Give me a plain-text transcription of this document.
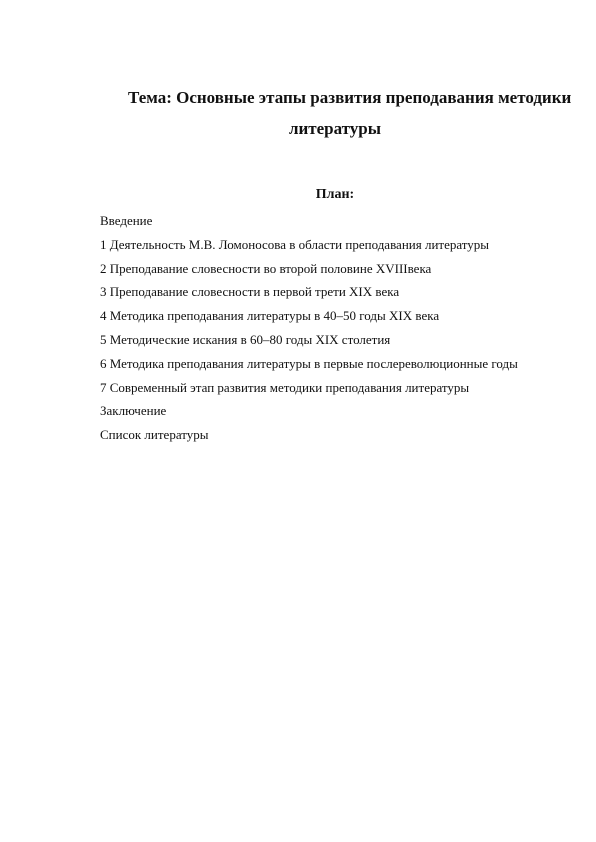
Тема: Основные этапы развития преподавания методики
литературы
План:
Введение
1 Деятельность М.В. Ломоносова в области преподавания литературы
2 Преподавание словесности во второй половине XVIIIвека
3 Преподавание словесности в первой трети XIX века
4 Методика преподавания литературы в 40–50 годы XIX века
5 Методические искания в 60–80 годы XIX столетия
6 Методика преподавания литературы в первые послереволюционные годы
7 Современный этап развития методики преподавания литературы
Заключение
Список литературы
